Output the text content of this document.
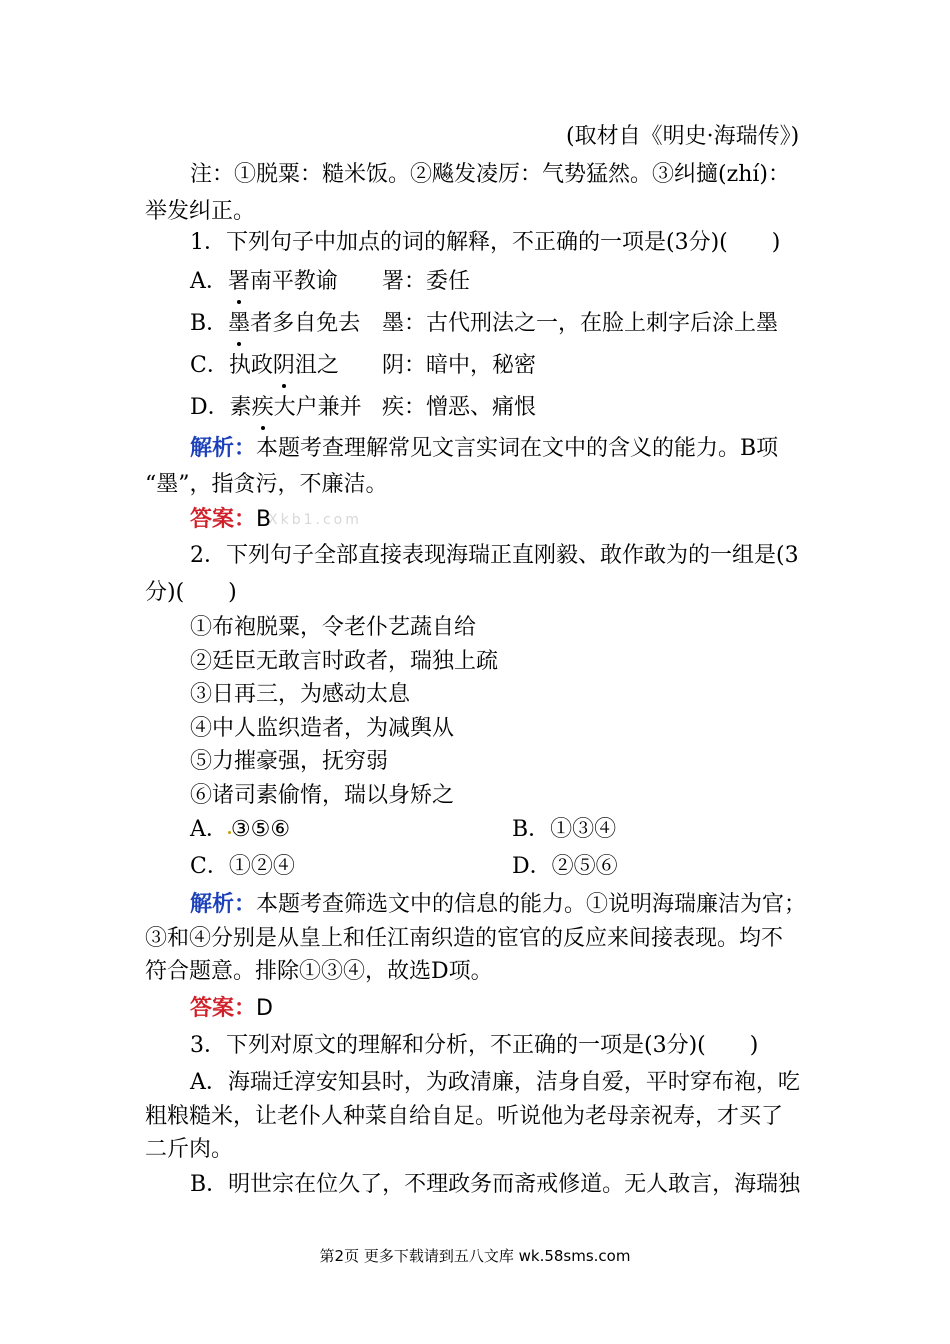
(取材自《明史·海瑞传》)
注：①脱粟：糙米饭。②飚发凌厉：气势猛然。③纠擿(zhí)：
举发纠正。
1．下列句子中加点的词的解释，不正确的一项是(3分)(　　)
A．署南平教谕 署：委任
B．墨者多自免去 墨：古代刑法之一，在脸上刺字后涂上墨
C．执政阴沮之 阴：暗中，秘密
D．素疾大户兼并 疾：憎恶、痛恨
解析：本题考查理解常见文言实词在文中的含义的能力。B项
“墨”，指贪污，不廉洁。
答案：B
Xkb1.com
2．下列句子全部直接表现海瑞正直刚毅、敢作敢为的一组是(3
分)(　　)
①布袍脱粟，令老仆艺蔬自给
②廷臣无敢言时政者，瑞独上疏
③日再三，为感动太息
④中人监织造者，为减舆从
⑤力摧豪强，抚穷弱
⑥诸司素偷惰，瑞以身矫之
A． ③⑤⑥	B．①③④
C．①②④	D．②⑤⑥
解析：本题考查筛选文中的信息的能力。①说明海瑞廉洁为官；
③和④分别是从皇上和任江南织造的宦官的反应来间接表现。均不
符合题意。排除①③④，故选D项。
答案：D
3．下列对原文的理解和分析，不正确的一项是(3分)(　　)
A．海瑞迁淳安知县时，为政清廉，洁身自爱，平时穿布袍，吃
粗粮糙米，让老仆人种菜自给自足。听说他为老母亲祝寿，才买了
二斤肉。
B．明世宗在位久了，不理政务而斋戒修道。无人敢言，海瑞独
第2页 更多下载请到五八文库 wk.58sms.com
